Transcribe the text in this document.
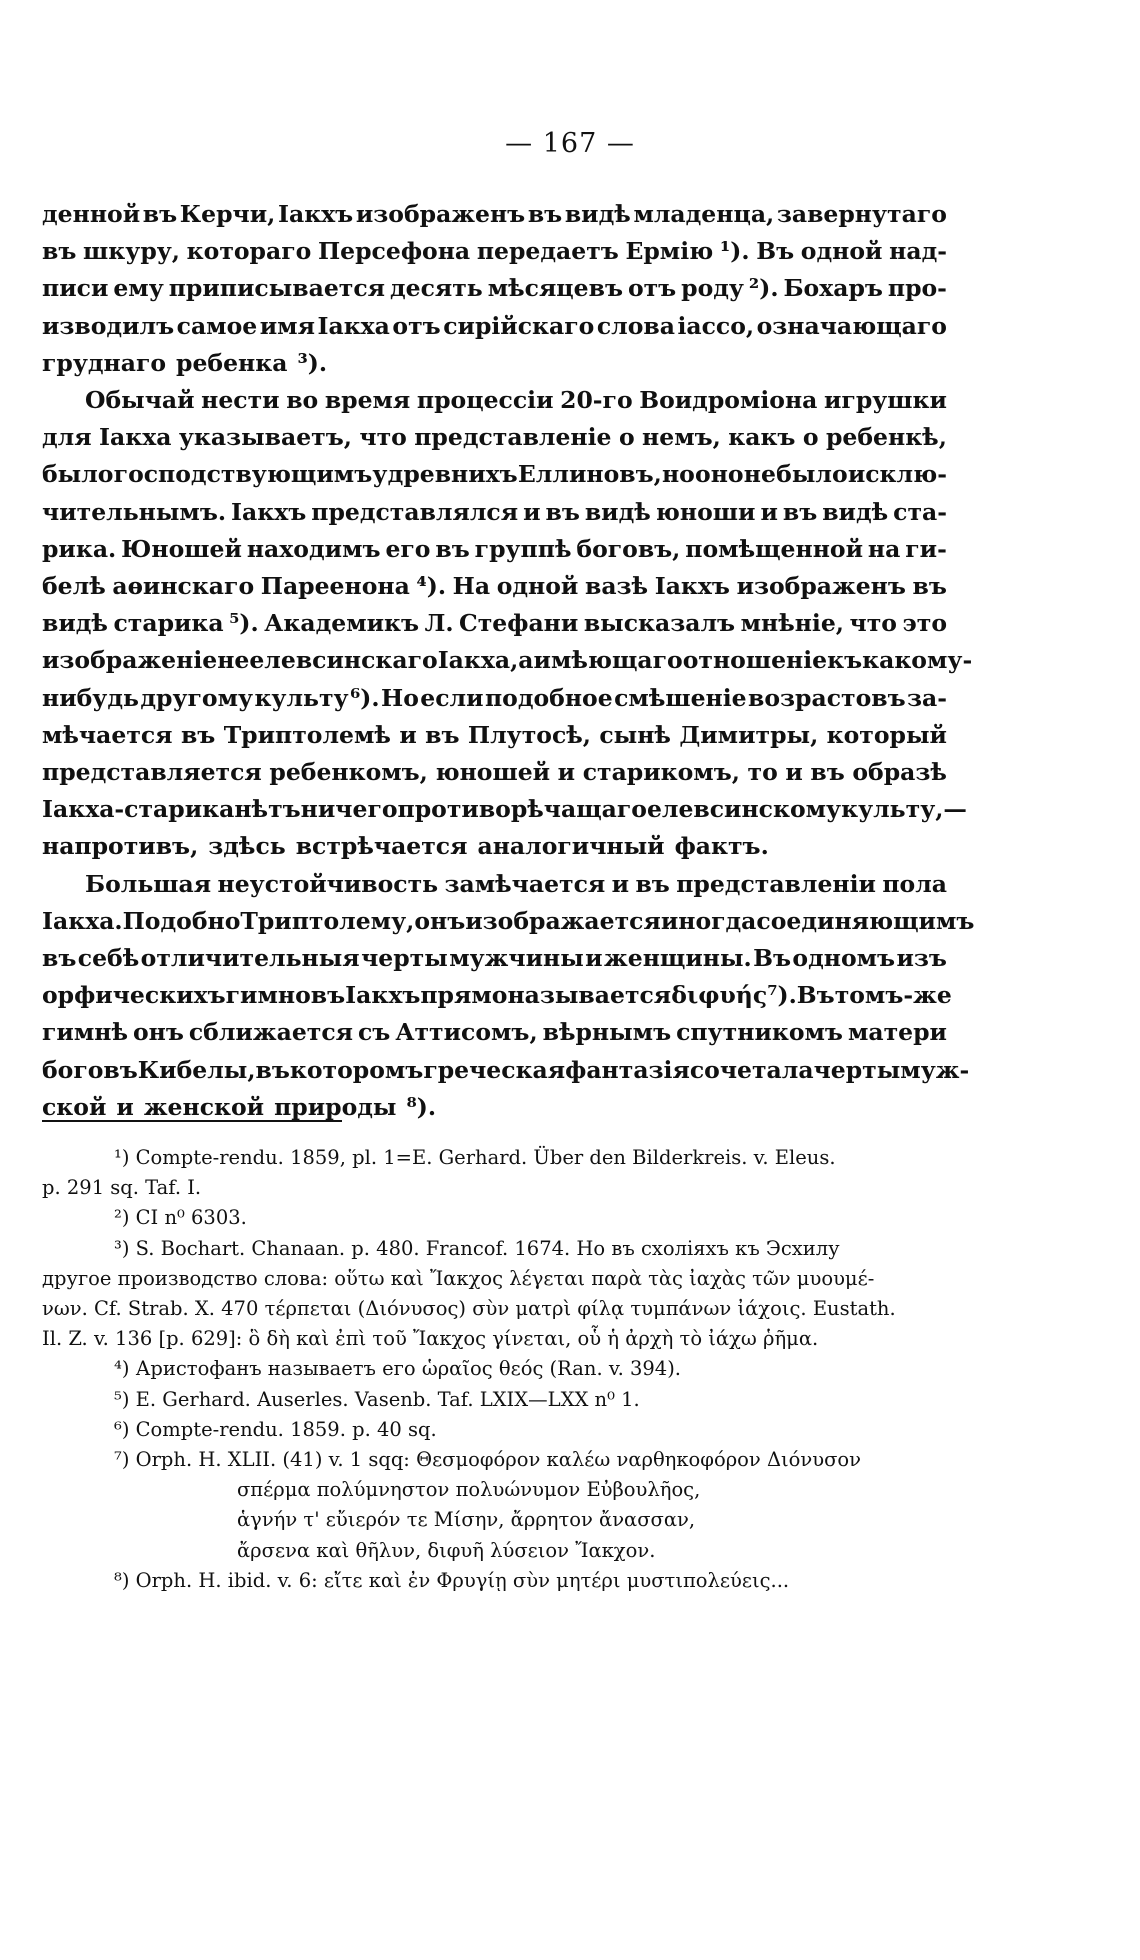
— 167 —
денной въ Керчи, Іакхъ изображенъ въ видѣ младенца, завернутаго
въ шкуру, котораго Персефона передаетъ Ермію ¹). Въ одной над-
писи ему приписывается десять мѣсяцевъ отъ роду ²). Бохаръ про-
изводилъ самое имя Іакха отъ сирійскаго слова іассо, означающаго
груднаго ребенка ³).
Обычай нести во время процессіи 20-го Воидроміона игрушки
для Іакха указываетъ, что представленіе о немъ, какъ о ребенкѣ,
было господствующимъ у древнихъ Еллиновъ, но оно не было исклю-
чительнымъ. Іакхъ представлялся и въ видѣ юноши и въ видѣ ста-
рика. Юношей находимъ его въ группѣ боговъ, помѣщенной на ги-
белѣ аѳинскаго Пареенона ⁴). На одной вазѣ Іакхъ изображенъ въ
видѣ старика ⁵). Академикъ Л. Стефани высказалъ мнѣніе, что это
изображеніе не елевсинскаго Іакха, а имѣющаго отношеніе къ какому-
нибудь другому культу ⁶). Но если подобное смѣшеніе возрастовъ за-
мѣчается въ Триптолемѣ и въ Плутосѣ, сынѣ Димитры, который
представляется ребенкомъ, юношей и старикомъ, то и въ образѣ
Іакха-старика нѣтъ ничего противорѣчащаго елевсинскому культу,—
напротивъ, здѣсь встрѣчается аналогичный фактъ.
Большая неустойчивость замѣчается и въ представленіи пола
Іакха. Подобно Триптолему, онъ изображается иногда соединяющимъ
въ себѣ отличительныя черты мужчины и женщины. Въ одномъ изъ
орфическихъ гимновъ Іакхъ прямо называется διφυής ⁷). Въ томъ-же
гимнѣ онъ сближается съ Аттисомъ, вѣрнымъ спутникомъ матери
боговъ Кибелы, въ которомъ греческая фантазія сочетала черты муж-
ской и женской природы ⁸).
¹) Compte-rendu. 1859, pl. 1=E. Gerhard. Über den Bilderkreis. v. Eleus.
p. 291 sq. Taf. I.
²) CI n⁰ 6303.
³) S. Bochart. Chanaan. p. 480. Francof. 1674. Но въ схоліяхъ къ Эсхилу
другое производство слова: οὕτω καὶ Ἴακχος λέγεται παρὰ τὰς ἰαχὰς τῶν μυουμέ-
νων. Cf. Strab. X. 470 τέρπεται (Διόνυσος) σὺν ματρὶ φίλᾳ τυμπάνων ἰάχοις. Eustath.
Il. Z. v. 136 [p. 629]: ὃ δὴ καὶ ἐπὶ τοῦ Ἴακχος γίνεται, οὗ ἡ ἀρχὴ τὸ ἰάχω ῥῆμα.
⁴) Аристофанъ называетъ его ὡραῖος θεός (Ran. v. 394).
⁵) E. Gerhard. Auserles. Vasenb. Taf. LXIX—LXX n⁰ 1.
⁶) Compte-rendu. 1859. p. 40 sq.
⁷) Orph. H. XLII. (41) v. 1 sqq: Θεσμοφόρον καλέω ναρθηκοφόρον Διόνυσον
σπέρμα πολύμνηστον πολυώνυμον Εὐβουλῆος,
ἁγνήν τ' εὔιερόν τε Μίσην, ἄρρητον ἄνασσαν,
ἄρσενα καὶ θῆλυν, διφυῆ λύσειον Ἴακχον.
⁸) Orph. H. ibid. v. 6: εἴτε καὶ ἐν Φρυγίῃ σὺν μητέρι μυστιπολεύεις...
